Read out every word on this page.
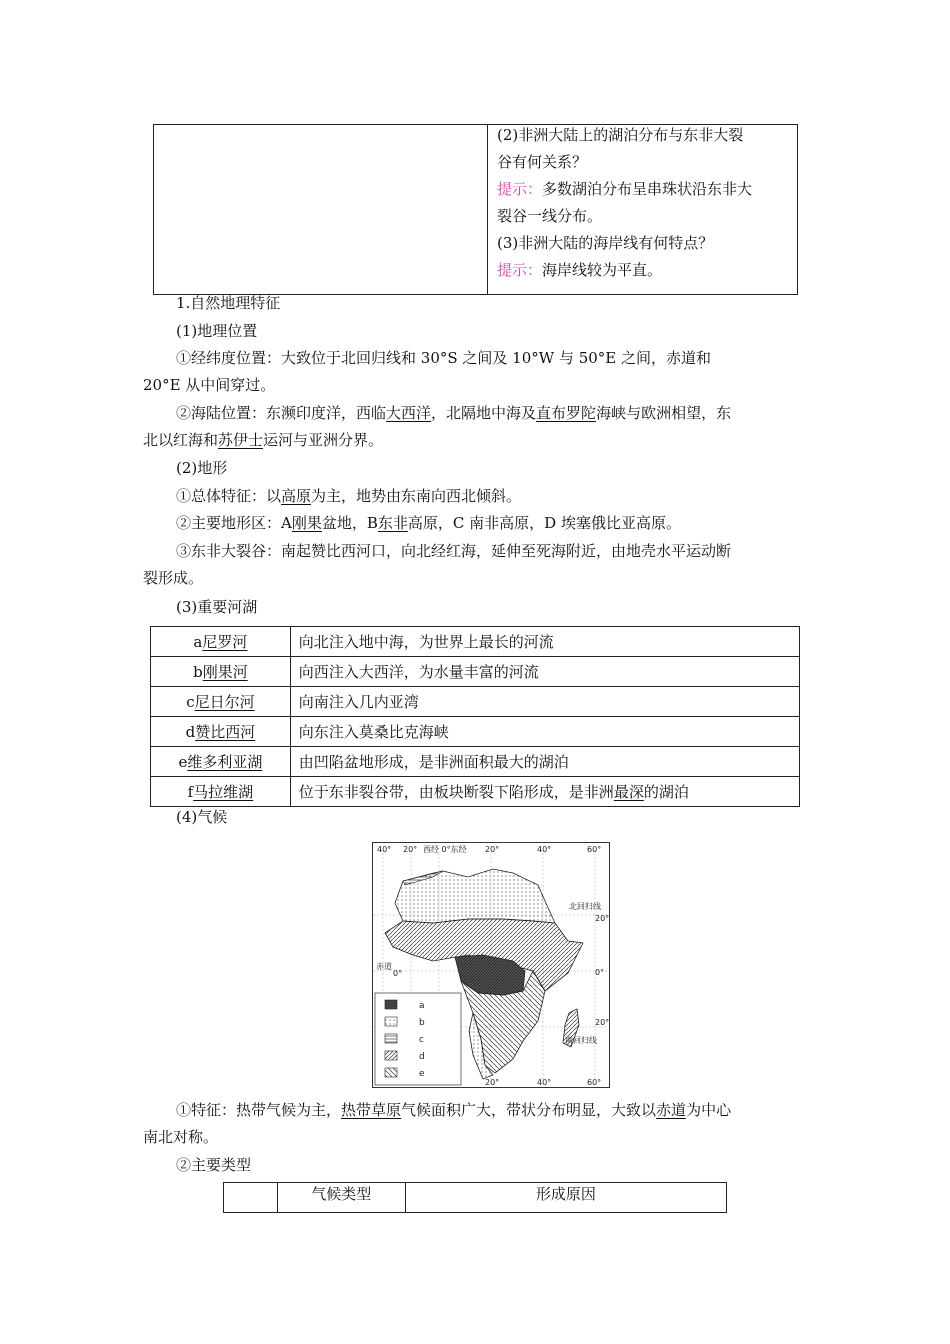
(2)非洲大陆上的湖泊分布与东非大裂
谷有何关系？
提示：多数湖泊分布呈串珠状沿东非大
裂谷一线分布。
(3)非洲大陆的海岸线有何特点？
提示：海岸线较为平直。
1.自然地理特征
(1)地理位置
①经纬度位置：大致位于北回归线和 30°S 之间及 10°W 与 50°E 之间，赤道和
20°E 从中间穿过。
②海陆位置：东濒印度洋，西临大西洋，北隔地中海及直布罗陀海峡与欧洲相望，东
北以红海和苏伊士运河与亚洲分界。
(2)地形
①总体特征：以高原为主，地势由东南向西北倾斜。
②主要地形区：A刚果盆地，B东非高原，C 南非高原，D 埃塞俄比亚高原。
③东非大裂谷：南起赞比西河口，向北经红海，延伸至死海附近，由地壳水平运动断
裂形成。
(3)重要河湖
a尼罗河	向北注入地中海，为世界上最长的河流
b刚果河	向西注入大西洋，为水量丰富的河流
c尼日尔河	向南注入几内亚湾
d赞比西河	向东注入莫桑比克海峡
e维多利亚湖	由凹陷盆地形成，是非洲面积最大的湖泊
f马拉维湖	位于东非裂谷带，由板块断裂下陷形成，是非洲最深的湖泊
(4)气候
40° 20° 西经 0°东经 20°	40°	60°
北回归线
20°
0°
20°
南回归线
赤道
0°
20°	40°	60°
a
b
c
d
e
①特征：热带气候为主，热带草原气候面积广大，带状分布明显，大致以赤道为中心
南北对称。
②主要类型
	气候类型	形成原因
